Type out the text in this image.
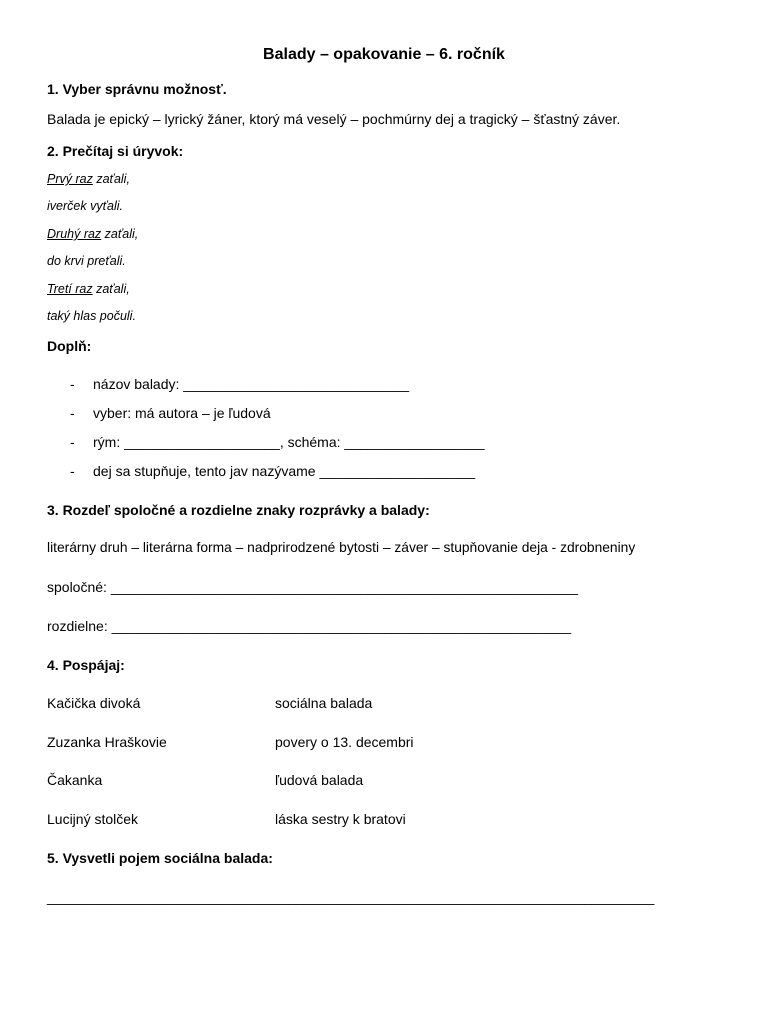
Balady – opakovanie – 6. ročník
1. Vyber správnu možnosť.
Balada je epický – lyrický žáner, ktorý má veselý – pochmúrny dej a tragický – šťastný záver.
2. Prečítaj si úryvok:
Prvý raz zaťali,
iverček vyťali.
Druhý raz zaťali,
do krvi preťali.
Tretí raz zaťali,
taký hlas počuli.
Doplň:
- názov balady: _____________________________
- vyber: má autora – je ľudová
- rým: ____________________, schéma: __________________
- dej sa stupňuje, tento jav nazývame ____________________
3. Rozdeľ spoločné a rozdielne znaky rozprávky a balady:
literárny druh – literárna forma – nadprirodzené bytosti – záver – stupňovanie deja - zdrobneniny
spoločné: ____________________________________________________________
rozdielne: ___________________________________________________________
4. Pospájaj:
Kačička divoká	sociálna balada
Zuzanka Hraškovie	povery o 13. decembri
Čakanka	ľudová balada
Lucijný stolček	láska sestry k bratovi
5. Vysvetli pojem sociálna balada:
______________________________________________________________________________
